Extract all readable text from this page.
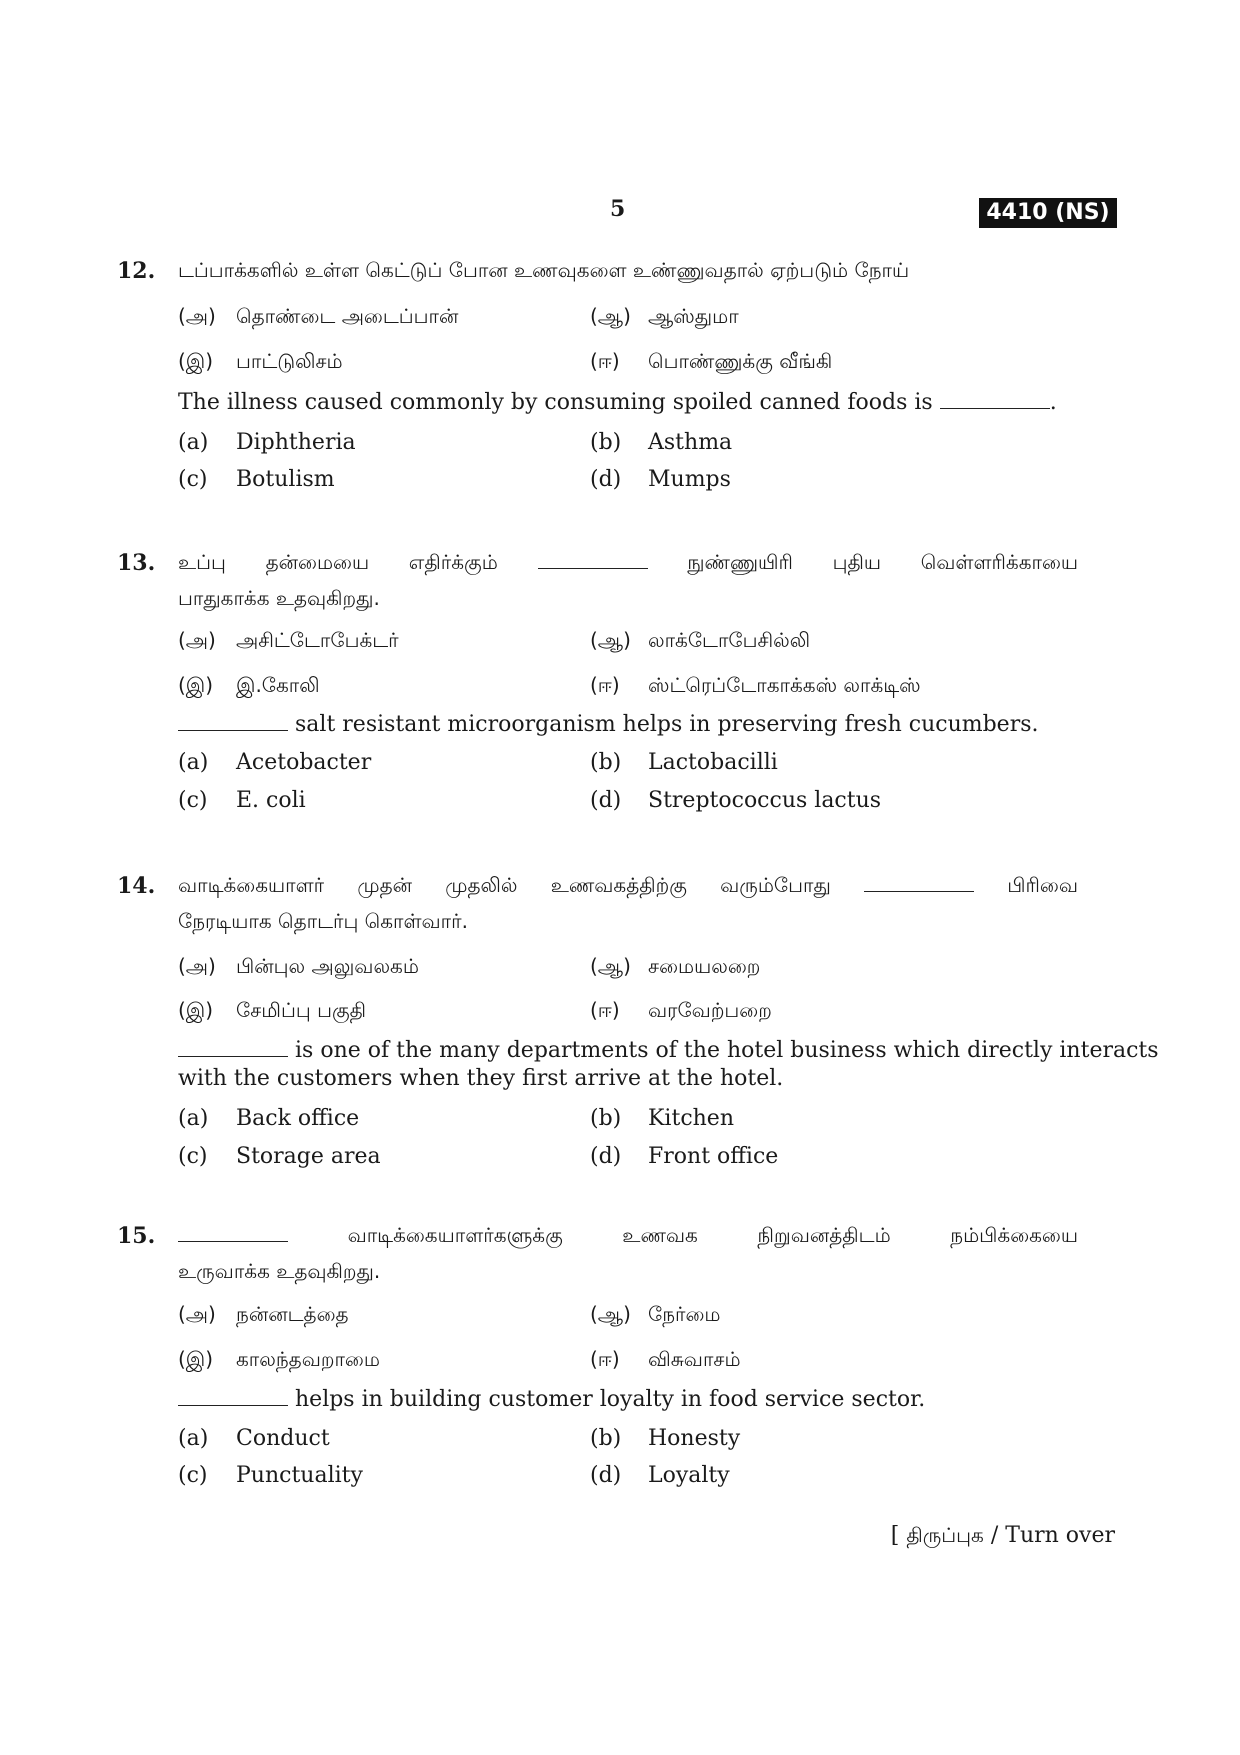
5	4410 (NS)
12. டப்பாக்களில் உள்ள கெட்டுப் போன உணவுகளை உண்ணுவதால் ஏற்படும் நோய்
(அ) தொண்டை அடைப்பான்	(ஆ) ஆஸ்துமா
(இ) பாட்டுலிசம்	(ஈ) பொண்ணுக்கு வீங்கி
The illness caused commonly by consuming spoiled canned foods is	.
(a) Diphtheria	(b) Asthma
(c) Botulism	(d) Mumps
13. உப்பு தன்மையை எதிர்க்கும்	நுண்ணுயிரி புதிய வெள்ளரிக்காயை
பாதுகாக்க உதவுகிறது.
(அ) அசிட்டோபேக்டர்	(ஆ) லாக்டோபேசில்லி
(இ) இ.கோலி	(ஈ) ஸ்ட்ரெப்டோகாக்கஸ் லாக்டிஸ்
salt resistant microorganism helps in preserving fresh cucumbers.
(a) Acetobacter	(b) Lactobacilli
(c) E. coli	(d) Streptococcus lactus
14. வாடிக்கையாளர் முதன் முதலில் உணவகத்திற்கு வரும்போது	பிரிவை
நேரடியாக தொடர்பு கொள்வார்.
(அ) பின்புல அலுவலகம்	(ஆ) சமையலறை
(இ) சேமிப்பு பகுதி	(ஈ) வரவேற்பறை
is one of the many departments of the hotel business which directly interacts
with the customers when they first arrive at the hotel.
(a) Back office	(b) Kitchen
(c) Storage area	(d) Front office
15.	வாடிக்கையாளர்களுக்கு உணவக நிறுவனத்திடம் நம்பிக்கையை
உருவாக்க உதவுகிறது.
(அ) நன்னடத்தை	(ஆ) நேர்மை
(இ) காலந்தவறாமை	(ஈ) விசுவாசம்
helps in building customer loyalty in food service sector.
(a) Conduct	(b) Honesty
(c) Punctuality	(d) Loyalty
[ திருப்புக / Turn over
